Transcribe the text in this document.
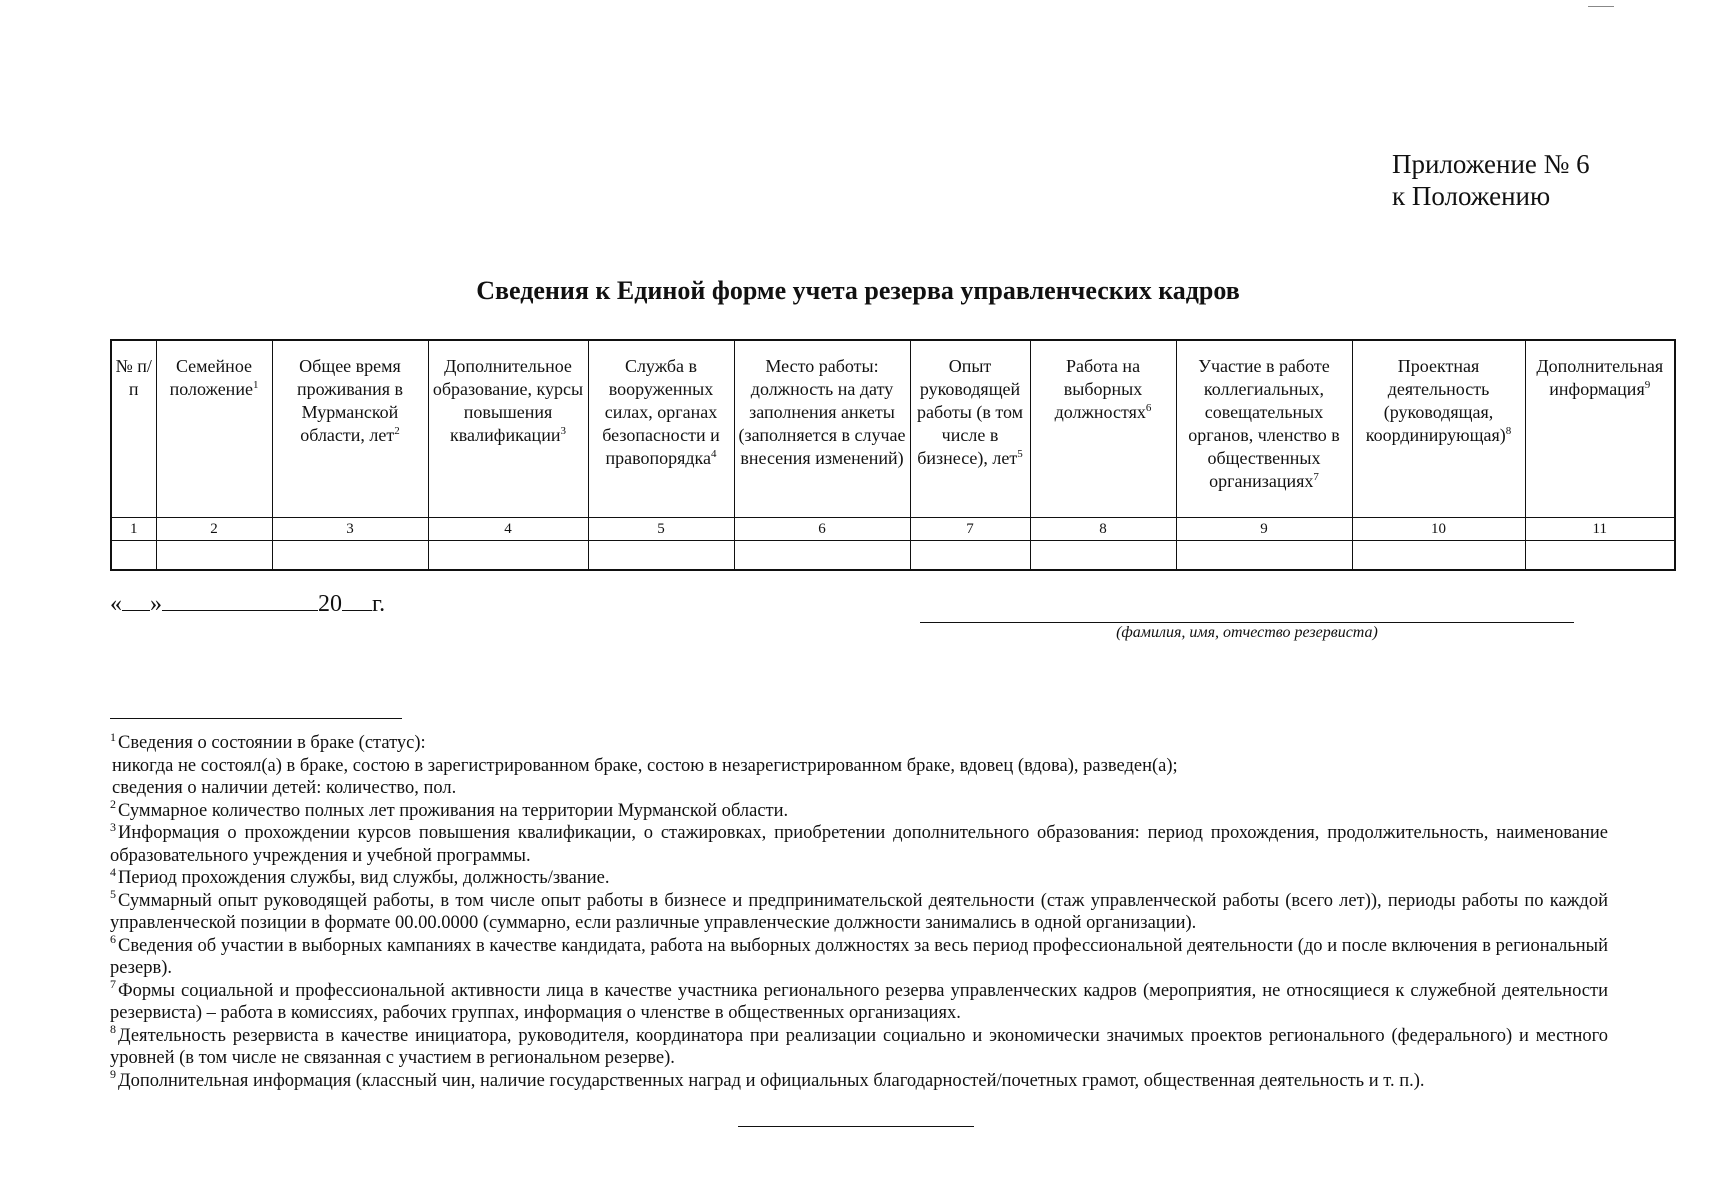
Приложение № 6
к Положению
Сведения к Единой форме учета резерва управленческих кадров
№ п/п	Семейное положение$^1$	Общее время проживания в Мурманской области, лет$^2$	Дополнительное образование, курсы повышения квалификации$^3$	Служба в вооруженных силах, органах безопасности и правопорядка$^4$	Место работы: должность на дату заполнения анкеты (заполняется в случае внесения изменений)	Опыт руководящей работы (в том числе в бизнесе), лет$^5$	Работа на выборных должностях$^6$	Участие в работе коллегиальных, совещательных органов, членство в общественных организациях$^7$	Проектная деятельность (руководящая, координирующая)$^8$	Дополнительная информация$^9$
1	2	3	4	5	6	7	8	9	10	11

« »	20 г.
(фамилия, имя, отчество резервиста)

$^1$ Сведения о состоянии в браке (статус):

никогда не состоял(а) в браке, состою в зарегистрированном браке, состою в незарегистрированном браке, вдовец (вдова), разведен(а);

сведения о наличии детей: количество, пол.

$^2$ Суммарное количество полных лет проживания на территории Мурманской области.

$^3$ Информация о прохождении курсов повышения квалификации, о стажировках, приобретении дополнительного образования: период прохождения, продолжительность, наименование образовательного учреждения и учебной программы.

$^4$ Период прохождения службы, вид службы, должность/звание.

$^5$ Суммарный опыт руководящей работы, в том числе опыт работы в бизнесе и предпринимательской деятельности (стаж управленческой работы (всего лет)), периоды работы по каждой управленческой позиции в формате 00.00.0000 (суммарно, если различные управленческие должности занимались в одной организации).

$^6$ Сведения об участии в выборных кампаниях в качестве кандидата, работа на выборных должностях за весь период профессиональной деятельности (до и после включения в региональный резерв).

$^7$ Формы социальной и профессиональной активности лица в качестве участника регионального резерва управленческих кадров (мероприятия, не относящиеся к служебной деятельности резервиста) – работа в комиссиях, рабочих группах, информация о членстве в общественных организациях.

$^8$ Деятельность резервиста в качестве инициатора, руководителя, координатора при реализации социально и экономически значимых проектов регионального (федерального) и местного уровней (в том числе не связанная с участием в региональном резерве).

$^9$ Дополнительная информация (классный чин, наличие государственных наград и официальных благодарностей/почетных грамот, общественная деятельность и т. п.).
